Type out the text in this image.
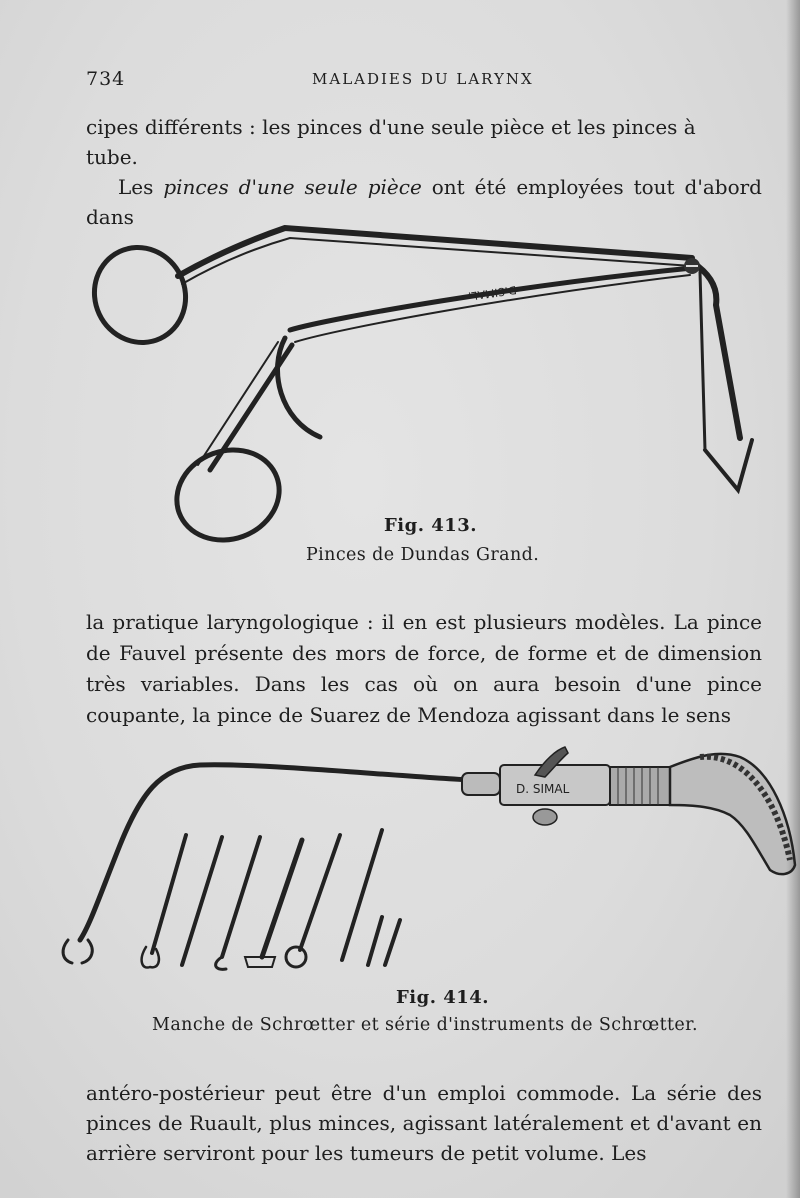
734	MALADIES DU LARYNX

cipes différents : les pinces d'une seule pièce et les pinces à

tube.

Les pinces d'une seule pièce ont été employées tout d'abord dans

D.SIMAL.
Fig. 413.
Pinces de Dundas Grand.

la pratique laryngologique : il en est plusieurs modèles. La pince de Fauvel présente des mors de force, de forme et de dimension très variables. Dans les cas où on aura besoin d'une pince coupante, la pince de Suarez de Mendoza agissant dans le sens

D. SIMAL
Fig. 414.
Manche de Schrœtter et série d'instruments de Schrœtter.

antéro-postérieur peut être d'un emploi commode. La série des pinces de Ruault, plus minces, agissant latéralement et d'avant en arrière serviront pour les tumeurs de petit volume. Les
